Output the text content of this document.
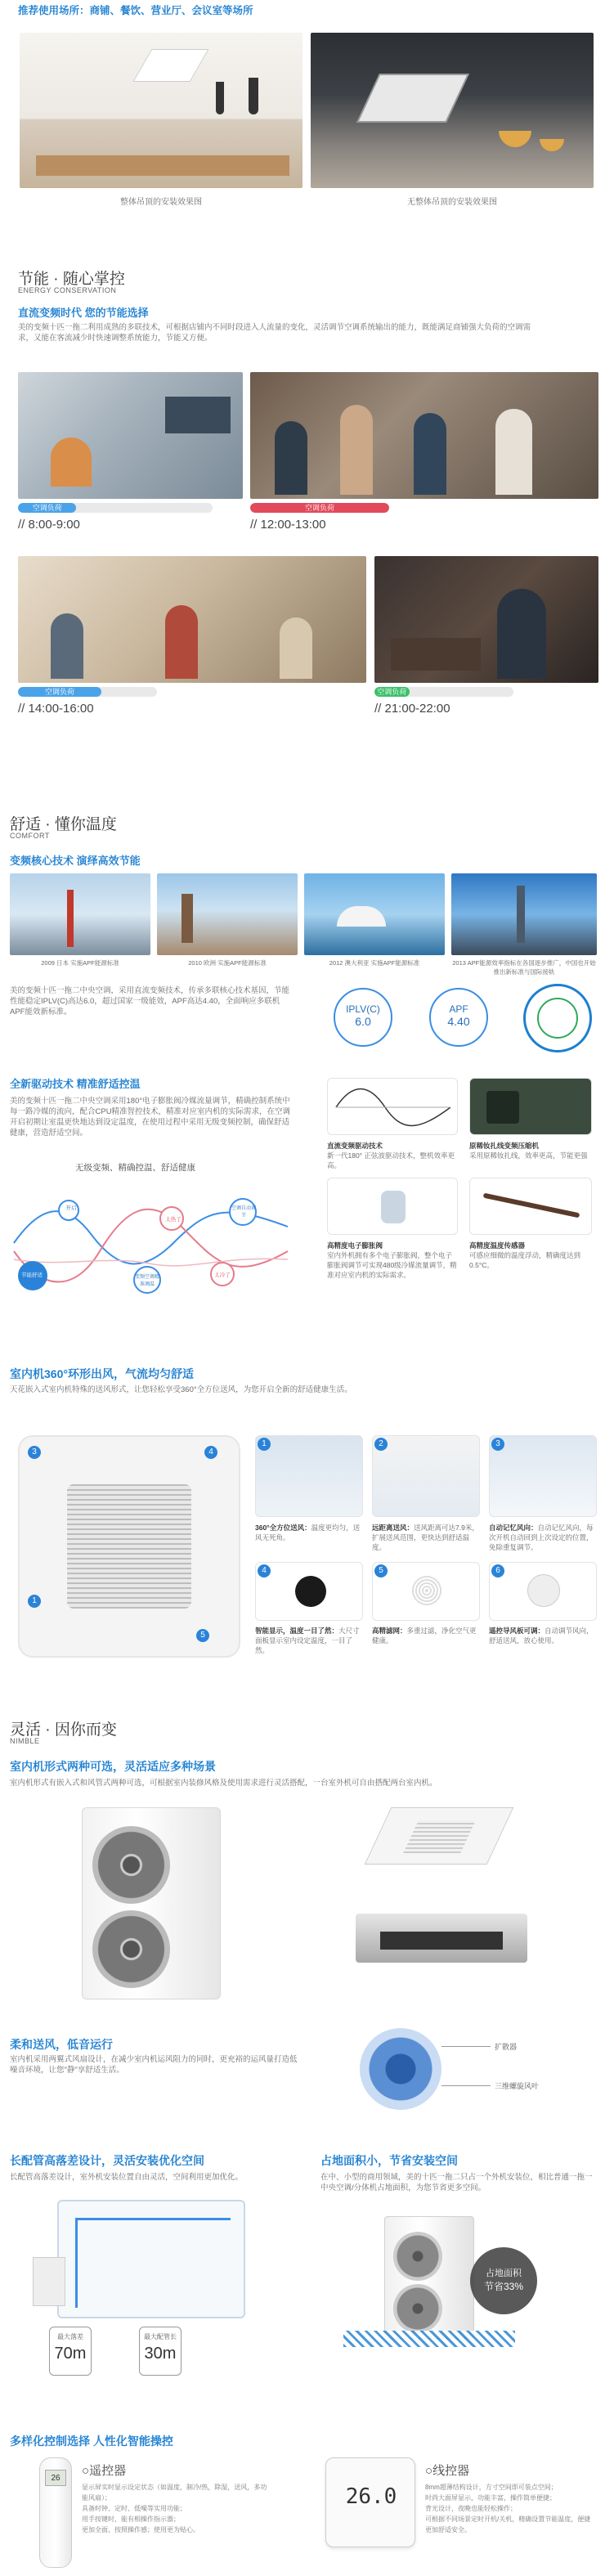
推荐使用场所：商铺、餐饮、营业厅、会议室等场所
整体吊顶的安装效果图	无整体吊顶的安装效果图
节能 · 随心掌控
ENERGY CONSERVATION
直流变频时代 您的节能选择
美的变频十匹一拖二利用成熟的多联技术，可根据店铺内不同时段进入人流量的变化，灵活调节空调系统输出的能力，既能满足商铺强大负荷的空调需求，又能在客流减少时快速调整系统能力，节能又方便。
空调负荷
// 8:00-9:00
空调负荷
// 12:00-13:00
空调负荷
// 14:00-16:00
空调负荷
// 21:00-22:00
舒适 · 懂你温度
COMFORT
变频核心技术 演绎高效节能
2009 日本 实施APF能源标准	2010 欧洲 实施APF能源标准	2012 澳大利亚 实施APF能源标准	2013 APF能源效率指标在各国逐步推广，中国也开始推出新标准与国际接轨
美的变频十匹一拖二中央空调，采用直流变频技术，传承多联核心技术基因，节能性能稳定IPLV(C)高达6.0，超过国家一级能效，APF高达4.40，全面响应多联机APF能效新标准。	IPLV(C)
6.0
APF
4.40
全新驱动技术 精准舒适控温
美的变频十匹一拖二中央空调采用180°电子膨胀阀冷媒流量调节，精确控制系统中每一路冷媒的流向，配合CPU精准智控技术，精准对应室内机的实际需求，在空调开启初期让室温更快地达到设定温度，在使用过程中采用无级变频控制，确保舒适健康，营造舒适空间。
无级变频、精确控温、舒适健康
开启
太热了
空调自动调节
太冷了
变频空调精准调温
节能舒适
直流变频驱动技术
新一代180° 正弦波驱动技术，整机效率更高。
原稀钕扎线变频压缩机
采用原稀钕扎线，效率更高，节能更强
高精度电子膨胀阀
室内外机拥有多个电子膨胀阀，整个电子膨胀阀调节可实现480级冷媒流量调节，精准对应室内机的实际需求。
高精度温度传感器
可感应细微的温度浮动，精确度达到0.5°C。
室内机360°环形出风，气流均匀舒适
天花嵌入式室内机特殊的送风形式，让您轻松享受360°全方位送风，为您开启全新的舒适健康生活。
3	4
1
5
1	2	3
360°全方位送风：温度更均匀，送风无死角。
远距离送风：送风距离可达7.9米，扩展送风范围，更快达到舒适温度。
自动记忆风向：自动记忆风向，每次开机自动回到上次设定的位置，免除重复调节。
4	5	6
智能显示，温度一目了然：大尺寸面板显示室内设定温度，一目了然。
高精滤网：多重过滤，净化空气更健康。
遥控导风板可调：自动调节风向，舒适送风，放心使用。
灵活 · 因你而变
NIMBLE
室内机形式两种可选，灵活适应多种场景
室内机形式有嵌入式和风管式两种可选，可根据室内装修风格及使用需求进行灵活搭配，一台室外机可自由搭配两台室内机。
柔和送风，低音运行
室内机采用两翼式风扇设计，在减少室内机运风阻力的同时，更充裕的运风量打造低噪音环境，让您"静"享舒适生活。
扩散器
三维螺旋风叶
长配管高落差设计，灵活安装优化空间
长配管高落差设计，室外机安装位置自由灵活，空间利用更加优化。
最大落差
70m
最大配管长
30m
占地面积小，节省安装空间
在中、小型的商用领域，美的十匹一拖二只占一个外机安装位，相比普通一拖一中央空调/分体机占地面积，为您节省更多空间。
占地面积
节省33%
多样化控制选择 人性化智能操控
26
○遥控器
显示屏实时显示设定状态（如温度，制冷/热，除湿，送风，多功能风扇）；
具备时钟、定时、低噪等实用功能；
用手按键时，能有相操作指示器；
更加全面、按照操作感；使用更为贴心。
26.0
○线控器
8mm超薄结构设计，方寸空间即可装点空间；
时尚大面屏显示，功能丰富，操作简单便捷；
背光设计，夜晚也能轻松操作；
可根据不同场景定时开机/关机，精确设置节能温度，便捷更加舒适安全。
